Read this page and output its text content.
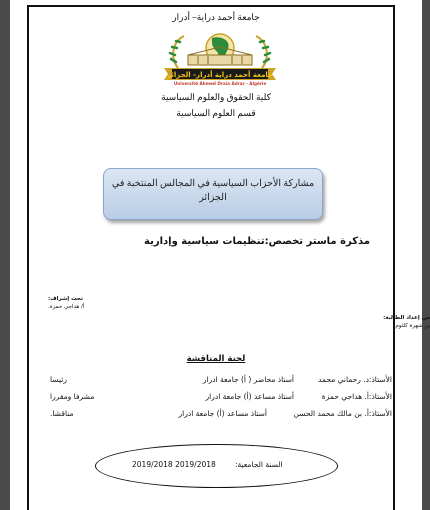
جامعة أحمد دراية– أدرار
جامعة أحمد دراية أدرار- الجزائر
Université Ahmed Draïa Adrar - Algérie
كلية الحقوق والعلوم السياسية
قسم العلوم السياسية
مشاركة الأحزاب السياسية في المجالس المنتخبة في الجزائر
مذكرة ماستر تخصص:تنظيمات سياسية وإدارية
تحت إشراف:
أ/ هداجي حمزة.
من إعداد الطالبة:
بن شهرة كلثوم
لجنة المناقشة
الأستاذ:د. رحماني محمد
أستاذ محاضر ( أ) جامعة ادرار
رئيسا
الأستاذ:أ. هداجي حمزة
أستاذ مساعد (أ) جامعة ادرار
مشرفا ومقررا
الأستاذ:أ. بن مالك محمد الحسن
أستاذ مساعد (أ) جامعة ادرار
مناقشا.
السنة الجامعية:
2019/2018 2019/2018
